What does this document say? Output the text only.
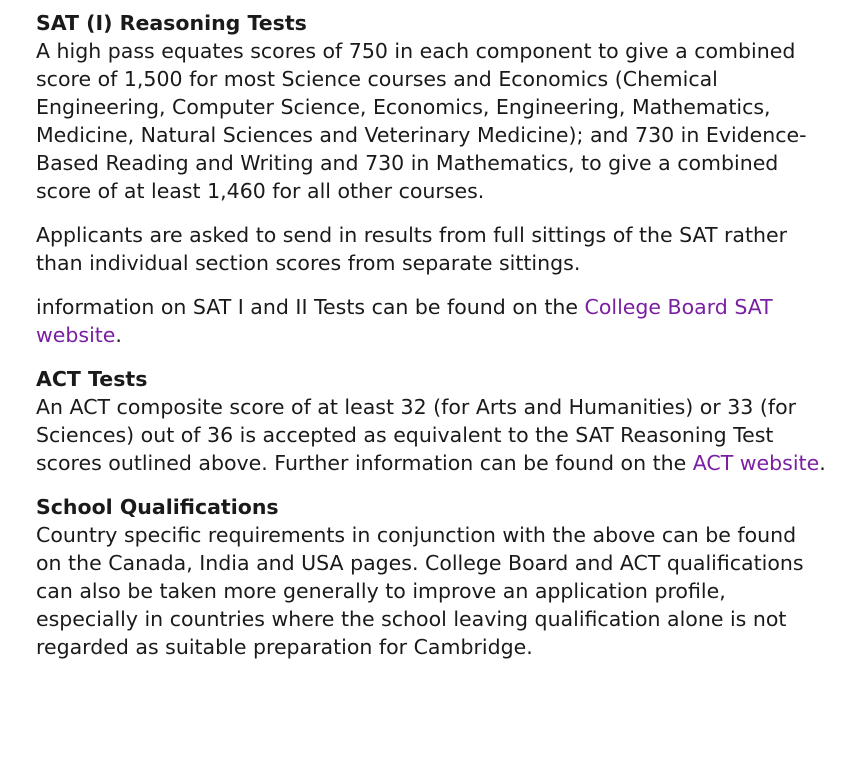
SAT (I) Reasoning Tests

A high pass equates scores of 750 in each component to give a combined score of 1,500 for most Science courses and Economics (Chemical Engineering, Computer Science, Economics, Engineering, Mathematics, Medicine, Natural Sciences and Veterinary Medicine); and 730 in Evidence-Based Reading and Writing and 730 in Mathematics, to give a combined score of at least 1,460 for all other courses.

Applicants are asked to send in results from full sittings of the SAT rather than individual section scores from separate sittings.

information on SAT I and II Tests can be found on the College Board SAT website.

ACT Tests

An ACT composite score of at least 32 (for Arts and Humanities) or 33 (for Sciences) out of 36 is accepted as equivalent to the SAT Reasoning Test scores outlined above. Further information can be found on the ACT website.

School Qualifications

Country specific requirements in conjunction with the above can be found on the Canada, India and USA pages. College Board and ACT qualifications can also be taken more generally to improve an application profile, especially in countries where the school leaving qualification alone is not regarded as suitable preparation for Cambridge.
